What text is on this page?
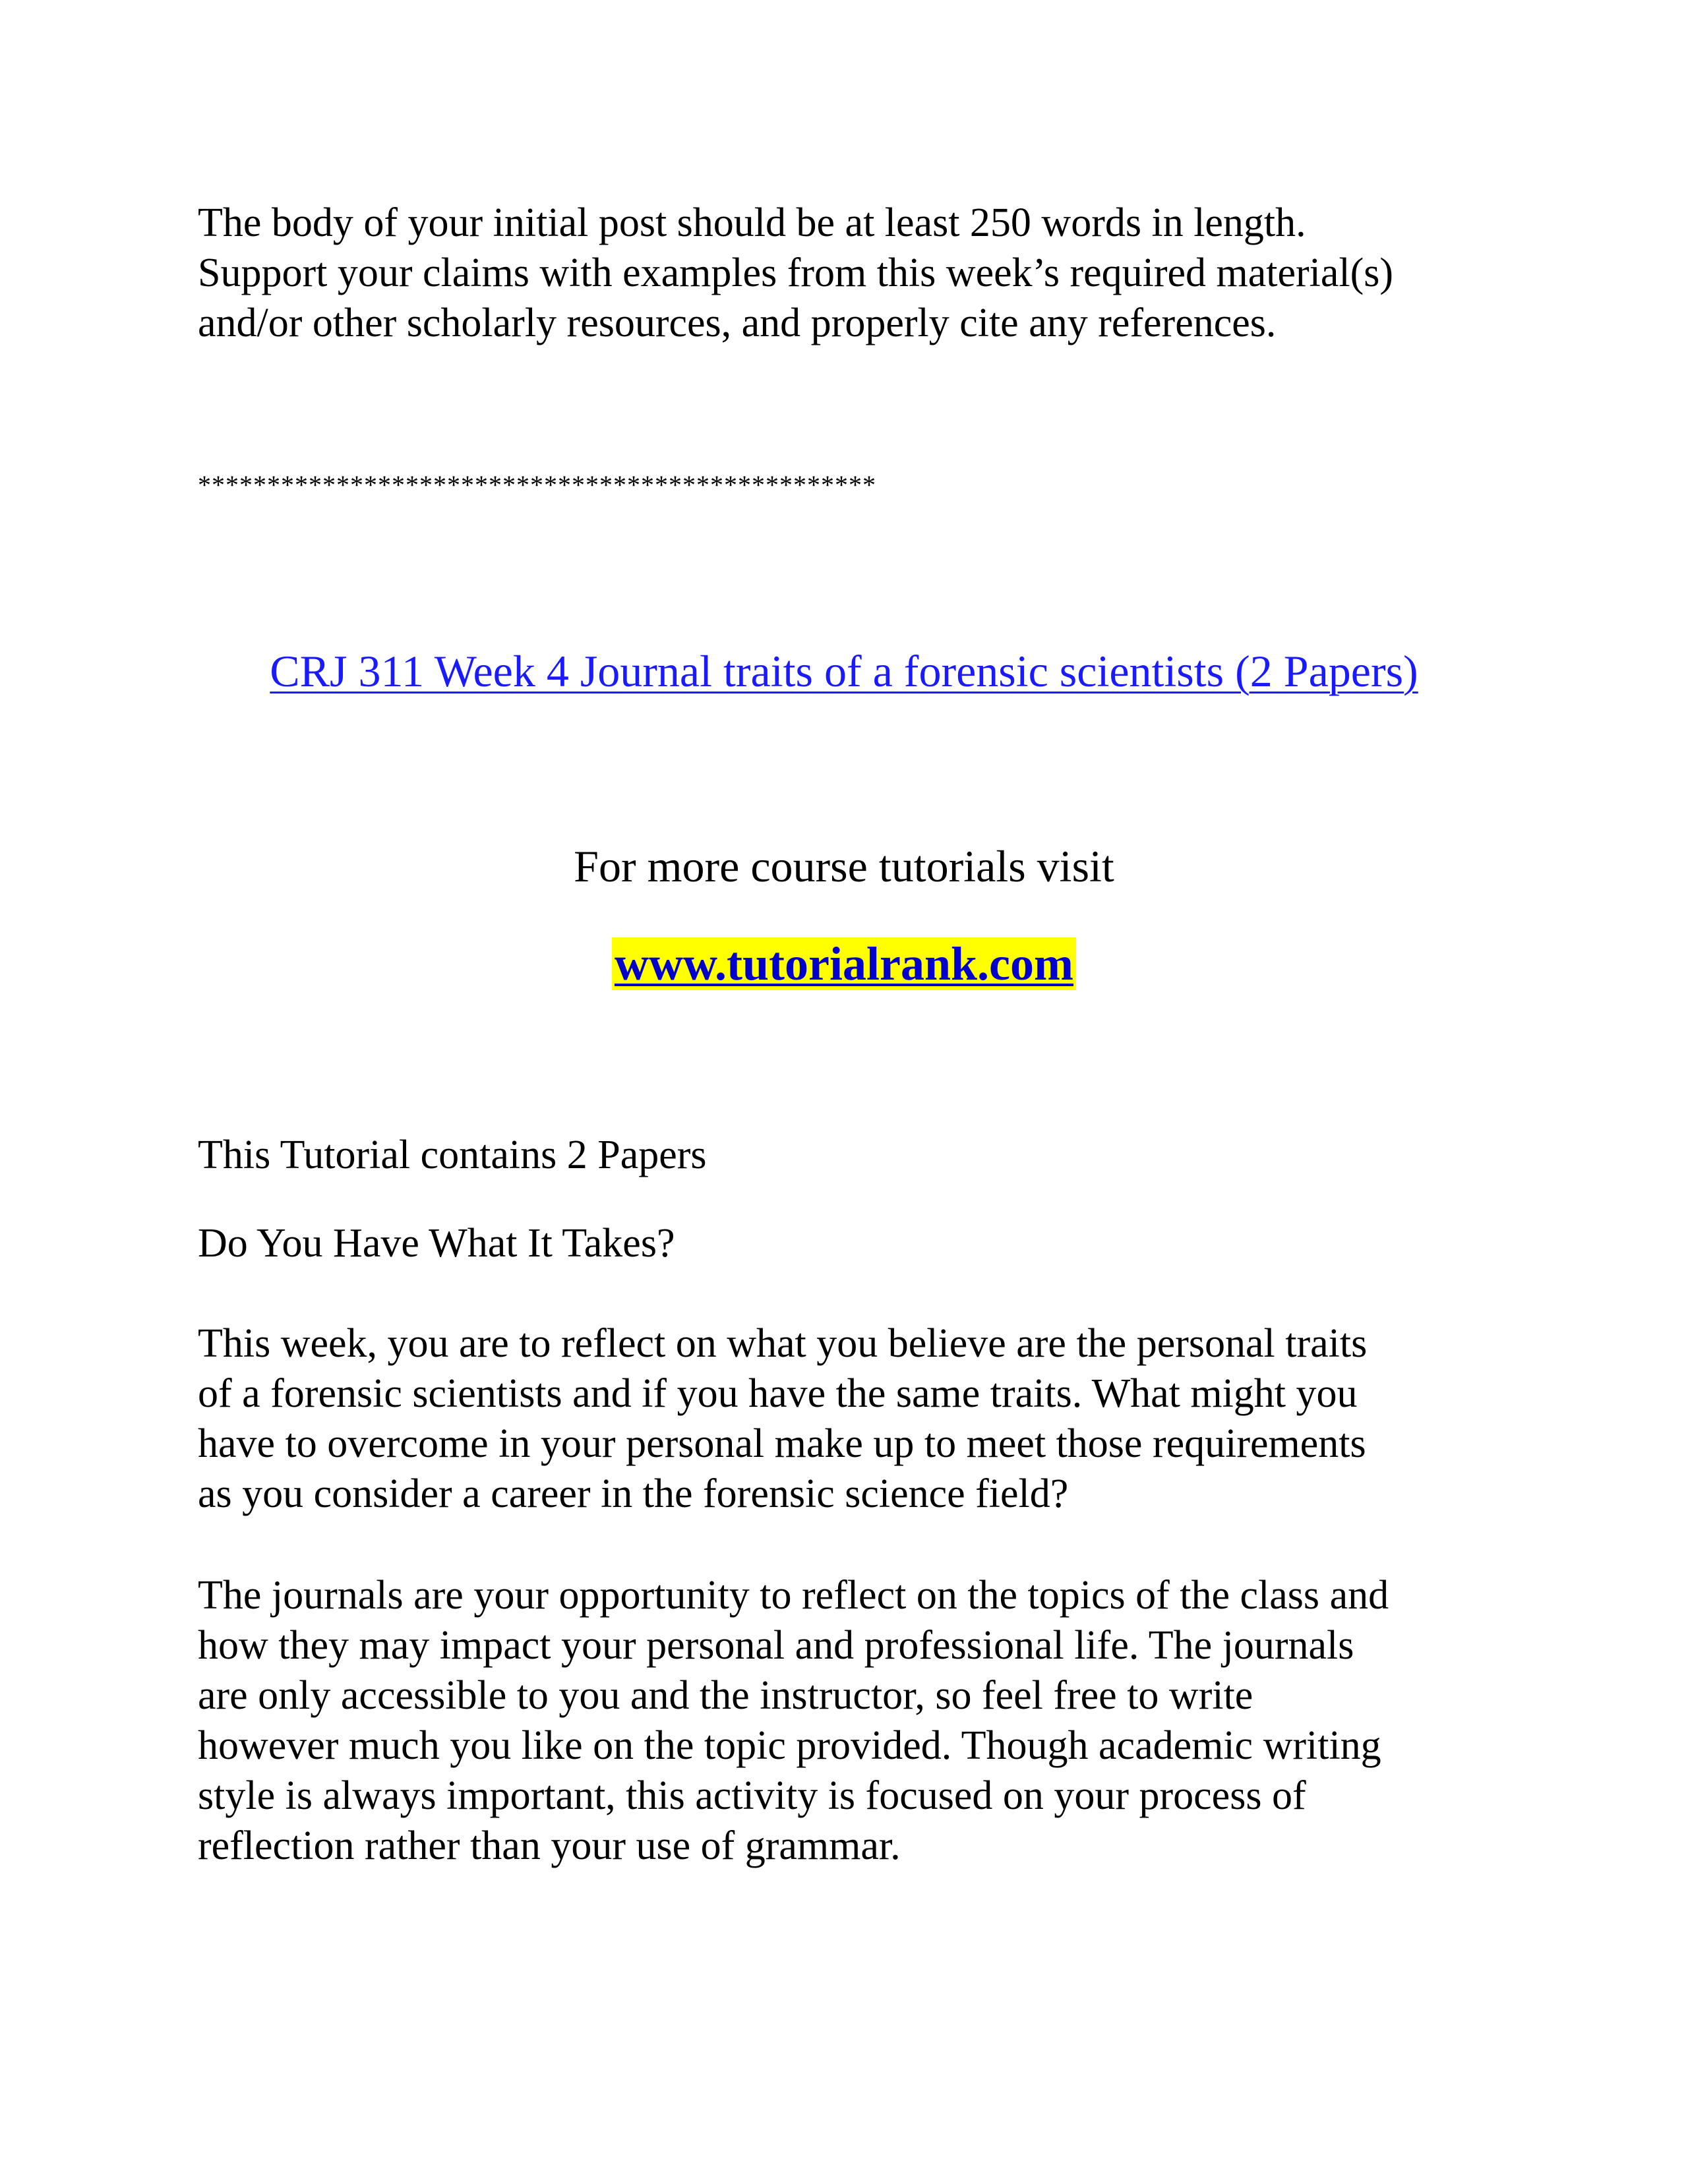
The body of your initial post should be at least 250 words in length.
Support your claims with examples from this week’s required material(s)
and/or other scholarly resources, and properly cite any references.

*************************************************

CRJ 311 Week 4 Journal traits of a forensic scientists (2 Papers)

For more course tutorials visit

www.tutorialrank.com

This Tutorial contains 2 Papers

Do You Have What It Takes?

This week, you are to reflect on what you believe are the personal traits
of a forensic scientists and if you have the same traits. What might you
have to overcome in your personal make up to meet those requirements
as you consider a career in the forensic science field?

The journals are your opportunity to reflect on the topics of the class and
how they may impact your personal and professional life. The journals
are only accessible to you and the instructor, so feel free to write
however much you like on the topic provided. Though academic writing
style is always important, this activity is focused on your process of
reflection rather than your use of grammar.
